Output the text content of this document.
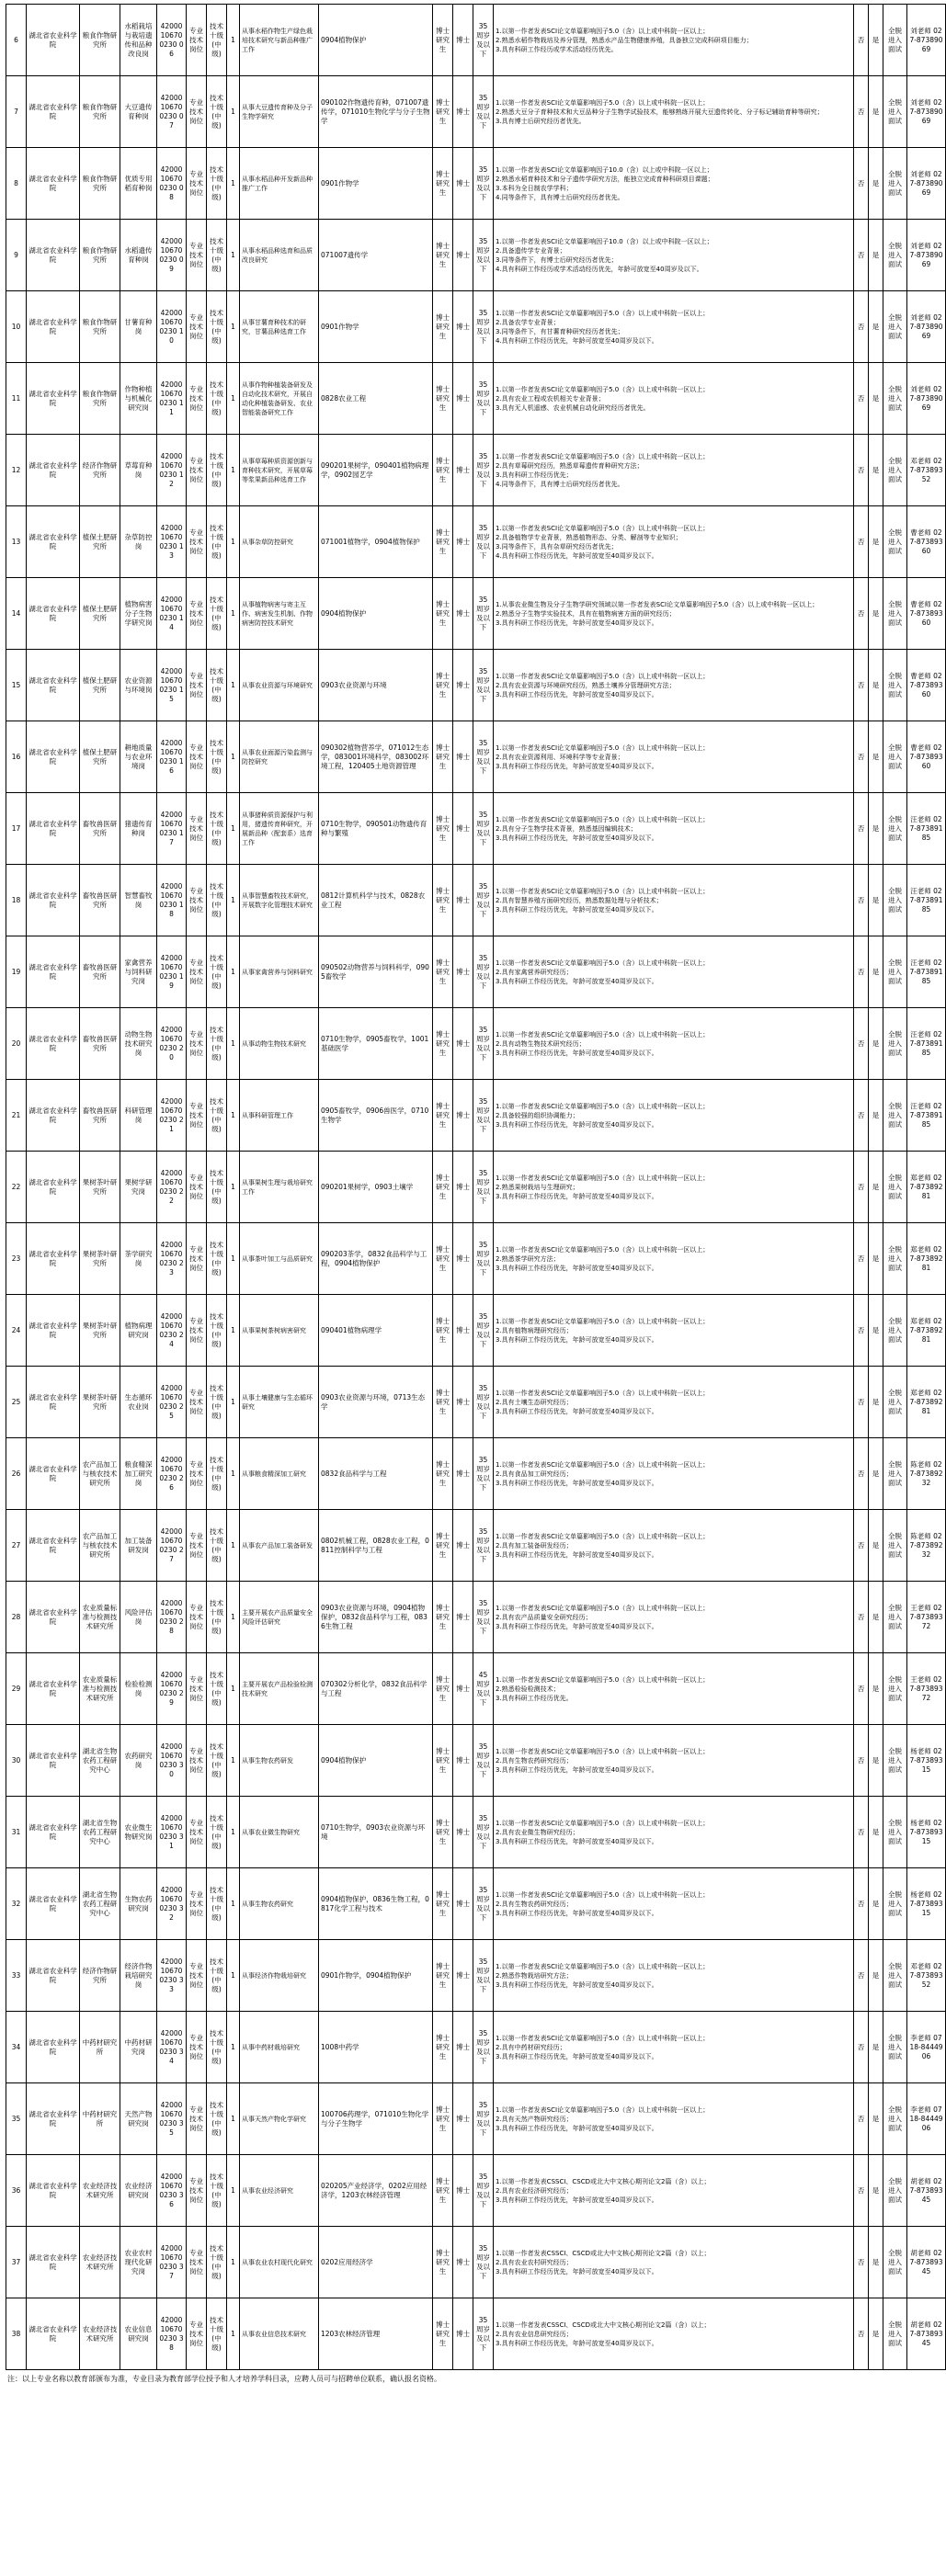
6	湖北省农业科学院	粮食作物研究所	水稻栽培与栽培遗传和品种改良岗	42000106700230 06	专业技术岗位	技术十级(中级)	1	从事水稻作物生产绿色栽培技术研究与新品种推广工作	0904植物保护	博士研究生	博士	35周岁及以下	1.以第一作者发表SCI论文单篇影响因子5.0（含）以上或中科院一区以上；
2.熟悉水稻作物栽培及养分管理，熟悉水产品生物健康养殖，具备独立完成科研项目能力；
3.具有科研工作经历或学术活动经历优先。	否	是	全脱进入面试	刘老师 027-87389069
7	湖北省农业科学院	粮食作物研究所	大豆遗传育种岗	42000106700230 07	专业技术岗位	技术十级(中级)	1	从事大豆遗传育种及分子生物学研究	090102作物遗传育种，071007遗传学，071010生物化学与分子生物学	博士研究生	博士	35周岁及以下	1.以第一作者发表SCI论文单篇影响因子5.0（含）以上或中科院一区以上；
2.熟悉大豆分子育种技术和大豆品种分子生物学试验技术，能够熟练开展大豆遗传转化、分子标记辅助育种等研究；
3.具有博士后研究经历者优先。	否	是	全脱进入面试	刘老师 027-87389069
8	湖北省农业科学院	粮食作物研究所	优质专用稻育种岗	42000106700230 08	专业技术岗位	技术十级(中级)	1	从事水稻品种开发新品种推广工作	0901作物学	博士研究生	博士	35周岁及以下	1.以第一作者发表SCI论文单篇影响因子10.0（含）以上或中科院一区以上；
2.熟悉水稻育种技术和分子遗传学研究方法，能独立完成育种科研项目课题；
3.本科为全日制农学学科；
4.同等条件下，具有博士后研究经历者优先。	否	是	全脱进入面试	刘老师 027-87389069
9	湖北省农业科学院	粮食作物研究所	水稻遗传育种岗	42000106700230 09	专业技术岗位	技术十级(中级)	1	从事水稻品种选育和品质改良研究	071007遗传学	博士研究生	博士	35周岁及以下	1.以第一作者发表SCI论文单篇影响因子10.0（含）以上或中科院一区以上；
2.具备遗传学专业背景；
3.同等条件下，有博士后研究经历者优先；
4.具有科研工作经历或学术活动经历优先，年龄可放宽至40周岁及以下。	否	是	全脱进入面试	刘老师 027-87389069
10	湖北省农业科学院	粮食作物研究所	甘薯育种岗	42000106700230 10	专业技术岗位	技术十级(中级)	1	从事甘薯育种技术的研究，甘薯品种选育工作	0901作物学	博士研究生	博士	35周岁及以下	1.以第一作者发表SCI论文单篇影响因子5.0（含）以上或中科院一区以上；
2.具备农学专业背景；
3.同等条件下，有甘薯育种研究经历者优先；
4.具有科研工作经历优先，年龄可放宽至40周岁及以下。	否	是	全脱进入面试	刘老师 027-87389069
11	湖北省农业科学院	粮食作物研究所	作物种植与机械化研究岗	42000106700230 11	专业技术岗位	技术十级(中级)	1	从事作物种植装备研发及自动化技术研究，开展自动化种植装备研发、农业智能装备研究工作	0828农业工程	博士研究生	博士	35周岁及以下	1.以第一作者发表SCI论文单篇影响因子5.0（含）以上或中科院一区以上；
2.具有农业工程或农机相关专业背景；
3.具有无人机遥感、农业机械自动化研究经历者优先。	否	是	全脱进入面试	刘老师 027-87389069
12	湖北省农业科学院	经济作物研究所	草莓育种岗	42000106700230 12	专业技术岗位	技术十级(中级)	1	从事草莓种质资源创新与育种技术研究，开展草莓等浆果新品种选育工作	090201果树学，090401植物病理学，0902园艺学	博士研究生	博士	35周岁及以下	1.以第一作者发表SCI论文单篇影响因子5.0（含）以上或中科院一区以上；
2.具有草莓研究经历，熟悉草莓遗传育种研究方法；
3.具有科研工作经历优先；
4.同等条件下，具有博士后研究经历者优先。	否	是	全脱进入面试	邓老师 027-87389352
13	湖北省农业科学院	植保土肥研究所	杂草防控岗	42000106700230 13	专业技术岗位	技术十级(中级)	1	从事杂草防控研究	071001植物学，0904植物保护	博士研究生	博士	35周岁及以下	1.以第一作者发表SCI论文单篇影响因子5.0（含）以上或中科院一区以上；
2.具备植物学专业背景，熟悉植物形态、分类、解剖等专业知识；
3.同等条件下，具有杂草研究经历者优先；
4.具有科研工作经历优先，年龄可放宽至40周岁及以下。	否	是	全脱进入面试	曹老师 027-87389360
14	湖北省农业科学院	植保土肥研究所	植物病害分子生物学研究岗	42000106700230 14	专业技术岗位	技术十级(中级)	1	从事植物病害与寄主互作、病害发生机制、作物病害防控技术研究	0904植物保护	博士研究生	博士	35周岁及以下	1.从事农业微生物及分子生物学研究领域以第一作者发表SCI论文单篇影响因子5.0（含）以上或中科院一区以上；
2.熟悉分子生物学实验技术，具有在植物病害方面的研究经历；
3.具有科研工作经历优先，年龄可放宽至40周岁及以下。	否	是	全脱进入面试	曹老师 027-87389360
15	湖北省农业科学院	植保土肥研究所	农业资源与环境岗	42000106700230 15	专业技术岗位	技术十级(中级)	1	从事农业资源与环境研究	0903农业资源与环境	博士研究生	博士	35周岁及以下	1.以第一作者发表SCI论文单篇影响因子5.0（含）以上或中科院一区以上；
2.具有农业资源与环境研究经历，熟悉土壤养分管理研究方法；
3.具有科研工作经历优先，年龄可放宽至40周岁及以下。	否	是	全脱进入面试	曹老师 027-87389360
16	湖北省农业科学院	植保土肥研究所	耕地质量与农业环境岗	42000106700230 16	专业技术岗位	技术十级(中级)	1	从事农业面源污染监测与防控研究	090302植物营养学，071012生态学，083001环境科学，083002环境工程，120405土地资源管理	博士研究生	博士	35周岁及以下	1.以第一作者发表SCI论文单篇影响因子5.0（含）以上或中科院一区以上；
2.具有农业资源利用、环境科学等专业背景；
3.具有科研工作经历优先，年龄可放宽至40周岁及以下。	否	是	全脱进入面试	曹老师 027-87389360
17	湖北省农业科学院	畜牧兽医研究所	猪遗传育种岗	42000106700230 17	专业技术岗位	技术十级(中级)	1	从事猪种质资源保护与利用，猪遗传育种研究，开展新品种（配套系）选育工作	0710生物学，090501动物遗传育种与繁殖	博士研究生	博士	35周岁及以下	1.以第一作者发表SCI论文单篇影响因子5.0（含）以上或中科院一区以上；
2.具有分子生物学技术背景，熟悉基因编辑技术；
3.具有科研工作经历优先，年龄可放宽至40周岁及以下。	否	是	全脱进入面试	汪老师 027-87389185
18	湖北省农业科学院	畜牧兽医研究所	智慧畜牧岗	42000106700230 18	专业技术岗位	技术十级(中级)	1	从事智慧畜牧技术研究，开展数字化管理技术研究	0812计算机科学与技术，0828农业工程	博士研究生	博士	35周岁及以下	1.以第一作者发表SCI论文单篇影响因子5.0（含）以上或中科院一区以上；
2.具有智慧养殖方面研究经历，熟悉数据处理与分析技术；
3.具有科研工作经历优先，年龄可放宽至40周岁及以下。	否	是	全脱进入面试	汪老师 027-87389185
19	湖北省农业科学院	畜牧兽医研究所	家禽营养与饲料研究岗	42000106700230 19	专业技术岗位	技术十级(中级)	1	从事家禽营养与饲料研究	090502动物营养与饲料科学，0905畜牧学	博士研究生	博士	35周岁及以下	1.以第一作者发表SCI论文单篇影响因子5.0（含）以上或中科院一区以上；
2.具有家禽营养研究经历；
3.具有科研工作经历优先，年龄可放宽至40周岁及以下。	否	是	全脱进入面试	汪老师 027-87389185
20	湖北省农业科学院	畜牧兽医研究所	动物生物技术研究岗	42000106700230 20	专业技术岗位	技术十级(中级)	1	从事动物生物技术研究	0710生物学，0905畜牧学，1001基础医学	博士研究生	博士	35周岁及以下	1.以第一作者发表SCI论文单篇影响因子5.0（含）以上或中科院一区以上；
2.具有动物生物技术研究经历；
3.具有科研工作经历优先，年龄可放宽至40周岁及以下。	否	是	全脱进入面试	汪老师 027-87389185
21	湖北省农业科学院	畜牧兽医研究所	科研管理岗	42000106700230 21	专业技术岗位	技术十级(中级)	1	从事科研管理工作	0905畜牧学，0906兽医学，0710生物学	博士研究生	博士	35周岁及以下	1.以第一作者发表SCI论文单篇影响因子5.0（含）以上或中科院一区以上；
2.具备较强的组织协调能力；
3.具有科研工作经历优先，年龄可放宽至40周岁及以下。	否	是	全脱进入面试	汪老师 027-87389185
22	湖北省农业科学院	果树茶叶研究所	果树学研究岗	42000106700230 22	专业技术岗位	技术十级(中级)	1	从事果树生理与栽培研究工作	090201果树学，0903土壤学	博士研究生	博士	35周岁及以下	1.以第一作者发表SCI论文单篇影响因子5.0（含）以上或中科院一区以上；
2.熟悉果树栽培与生理研究；
3.具有科研工作经历优先，年龄可放宽至40周岁及以下。	否	是	全脱进入面试	郑老师 027-87389281
23	湖北省农业科学院	果树茶叶研究所	茶学研究岗	42000106700230 23	专业技术岗位	技术十级(中级)	1	从事茶叶加工与品质研究	090203茶学，0832食品科学与工程，0904植物保护	博士研究生	博士	35周岁及以下	1.以第一作者发表SCI论文单篇影响因子5.0（含）以上或中科院一区以上；
2.熟悉茶学研究方法；
3.具有科研工作经历优先，年龄可放宽至40周岁及以下。	否	是	全脱进入面试	郑老师 027-87389281
24	湖北省农业科学院	果树茶叶研究所	植物病理研究岗	42000106700230 24	专业技术岗位	技术十级(中级)	1	从事果树茶树病害研究	090401植物病理学	博士研究生	博士	35周岁及以下	1.以第一作者发表SCI论文单篇影响因子5.0（含）以上或中科院一区以上；
2.具有植物病理研究经历；
3.具有科研工作经历优先，年龄可放宽至40周岁及以下。	否	是	全脱进入面试	郑老师 027-87389281
25	湖北省农业科学院	果树茶叶研究所	生态循环农业岗	42000106700230 25	专业技术岗位	技术十级(中级)	1	从事土壤健康与生态循环研究	0903农业资源与环境，0713生态学	博士研究生	博士	35周岁及以下	1.以第一作者发表SCI论文单篇影响因子5.0（含）以上或中科院一区以上；
2.具有土壤生态研究经历；
3.具有科研工作经历优先，年龄可放宽至40周岁及以下。	否	是	全脱进入面试	郑老师 027-87389281
26	湖北省农业科学院	农产品加工与核农技术研究所	粮食精深加工研究岗	42000106700230 26	专业技术岗位	技术十级(中级)	1	从事粮食精深加工研究	0832食品科学与工程	博士研究生	博士	35周岁及以下	1.以第一作者发表SCI论文单篇影响因子5.0（含）以上或中科院一区以上；
2.具有食品加工研究经历；
3.具有科研工作经历优先，年龄可放宽至40周岁及以下。	否	是	全脱进入面试	陈老师 027-87389232
27	湖北省农业科学院	农产品加工与核农技术研究所	加工装备研发岗	42000106700230 27	专业技术岗位	技术十级(中级)	1	从事农产品加工装备研发	0802机械工程，0828农业工程，0811控制科学与工程	博士研究生	博士	35周岁及以下	1.以第一作者发表SCI论文单篇影响因子5.0（含）以上或中科院一区以上；
2.具有加工装备研发经历；
3.具有科研工作经历优先，年龄可放宽至40周岁及以下。	否	是	全脱进入面试	陈老师 027-87389232
28	湖北省农业科学院	农业质量标准与检测技术研究所	风险评估岗	42000106700230 28	专业技术岗位	技术十级(中级)	1	主要开展农产品质量安全风险评估研究	0903农业资源与环境，0904植物保护，0832食品科学与工程，0836生物工程	博士研究生	博士	35周岁及以下	1.以第一作者发表SCI论文单篇影响因子5.0（含）以上或中科院一区以上；
2.具有农产品质量安全研究经历；
3.具有科研工作经历优先，年龄可放宽至40周岁及以下。	否	是	全脱进入面试	王老师 027-87389372
29	湖北省农业科学院	农业质量标准与检测技术研究所	检验检测岗	42000106700230 29	专业技术岗位	技术十级(中级)	1	主要开展农产品检验检测技术研究	070302分析化学，0832食品科学与工程	博士研究生	博士	45周岁及以下	1.以第一作者发表SCI论文单篇影响因子5.0（含）以上或中科院一区以上；
2.熟悉检验检测技术；
3.具有科研工作经历优先。	否	是	全脱进入面试	王老师 027-87389372
30	湖北省农业科学院	湖北省生物农药工程研究中心	农药研究岗	42000106700230 30	专业技术岗位	技术十级(中级)	1	从事生物农药研发	0904植物保护	博士研究生	博士	35周岁及以下	1.以第一作者发表SCI论文单篇影响因子5.0（含）以上或中科院一区以上；
2.具有生物农药研究经历；
3.具有科研工作经历优先，年龄可放宽至40周岁及以下。	否	是	全脱进入面试	杨老师 027-87389315
31	湖北省农业科学院	湖北省生物农药工程研究中心	农业微生物研究岗	42000106700230 31	专业技术岗位	技术十级(中级)	1	从事农业微生物研究	0710生物学，0903农业资源与环境	博士研究生	博士	35周岁及以下	1.以第一作者发表SCI论文单篇影响因子5.0（含）以上或中科院一区以上；
2.具有农业微生物研究经历；
3.具有科研工作经历优先，年龄可放宽至40周岁及以下。	否	是	全脱进入面试	杨老师 027-87389315
32	湖北省农业科学院	湖北省生物农药工程研究中心	生物农药研究岗	42000106700230 32	专业技术岗位	技术十级(中级)	1	从事生物农药研究	0904植物保护，0836生物工程，0817化学工程与技术	博士研究生	博士	35周岁及以下	1.以第一作者发表SCI论文单篇影响因子5.0（含）以上或中科院一区以上；
2.具有生物农药研究经历；
3.具有科研工作经历优先，年龄可放宽至40周岁及以下。	否	是	全脱进入面试	杨老师 027-87389315
33	湖北省农业科学院	经济作物研究所	经济作物栽培研究岗	42000106700230 33	专业技术岗位	技术十级(中级)	1	从事经济作物栽培研究	0901作物学，0904植物保护	博士研究生	博士	35周岁及以下	1.以第一作者发表SCI论文单篇影响因子5.0（含）以上或中科院一区以上；
2.熟悉作物栽培研究方法；
3.具有科研工作经历优先，年龄可放宽至40周岁及以下。	否	是	全脱进入面试	邓老师 027-87389352
34	湖北省农业科学院	中药材研究所	中药材研究岗	42000106700230 34	专业技术岗位	技术十级(中级)	1	从事中药材栽培研究	1008中药学	博士研究生	博士	35周岁及以下	1.以第一作者发表SCI论文单篇影响因子5.0（含）以上或中科院一区以上；
2.具有中药材研究经历；
3.具有科研工作经历优先，年龄可放宽至40周岁及以下。	否	是	全脱进入面试	李老师 0718-8444906
35	湖北省农业科学院	中药材研究所	天然产物研究岗	42000106700230 35	专业技术岗位	技术十级(中级)	1	从事天然产物化学研究	100706药理学，071010生物化学与分子生物学	博士研究生	博士	35周岁及以下	1.以第一作者发表SCI论文单篇影响因子5.0（含）以上或中科院一区以上；
2.具有天然产物研究经历；
3.具有科研工作经历优先，年龄可放宽至40周岁及以下。	否	是	全脱进入面试	李老师 0718-8444906
36	湖北省农业科学院	农业经济技术研究所	农业经济研究岗	42000106700230 36	专业技术岗位	技术十级(中级)	1	从事农业经济研究	020205产业经济学，0202应用经济学，1203农林经济管理	博士研究生	博士	35周岁及以下	1.以第一作者发表CSSCI、CSCD或北大中文核心期刊论文2篇（含）以上；
2.具有农业经济研究经历；
3.具有科研工作经历优先，年龄可放宽至40周岁及以下。	否	是	全脱进入面试	胡老师 027-87389345
37	湖北省农业科学院	农业经济技术研究所	农业农村现代化研究岗	42000106700230 37	专业技术岗位	技术十级(中级)	1	从事农业农村现代化研究	0202应用经济学	博士研究生	博士	35周岁及以下	1.以第一作者发表CSSCI、CSCD或北大中文核心期刊论文2篇（含）以上；
2.具有农业农村研究经历；
3.具有科研工作经历优先，年龄可放宽至40周岁及以下。	否	是	全脱进入面试	胡老师 027-87389345
38	湖北省农业科学院	农业经济技术研究所	农业信息研究岗	42000106700230 38	专业技术岗位	技术十级(中级)	1	从事农业信息技术研究	1203农林经济管理	博士研究生	博士	35周岁及以下	1.以第一作者发表CSSCI、CSCD或北大中文核心期刊论文2篇（含）以上；
2.具有农业信息研究经历；
3.具有科研工作经历优先，年龄可放宽至40周岁及以下。	否	是	全脱进入面试	胡老师 027-87389345
注：以上专业名称以教育部颁布为准，专业目录为教育部学位授予和人才培养学科目录，应聘人员可与招聘单位联系，确认报名资格。
